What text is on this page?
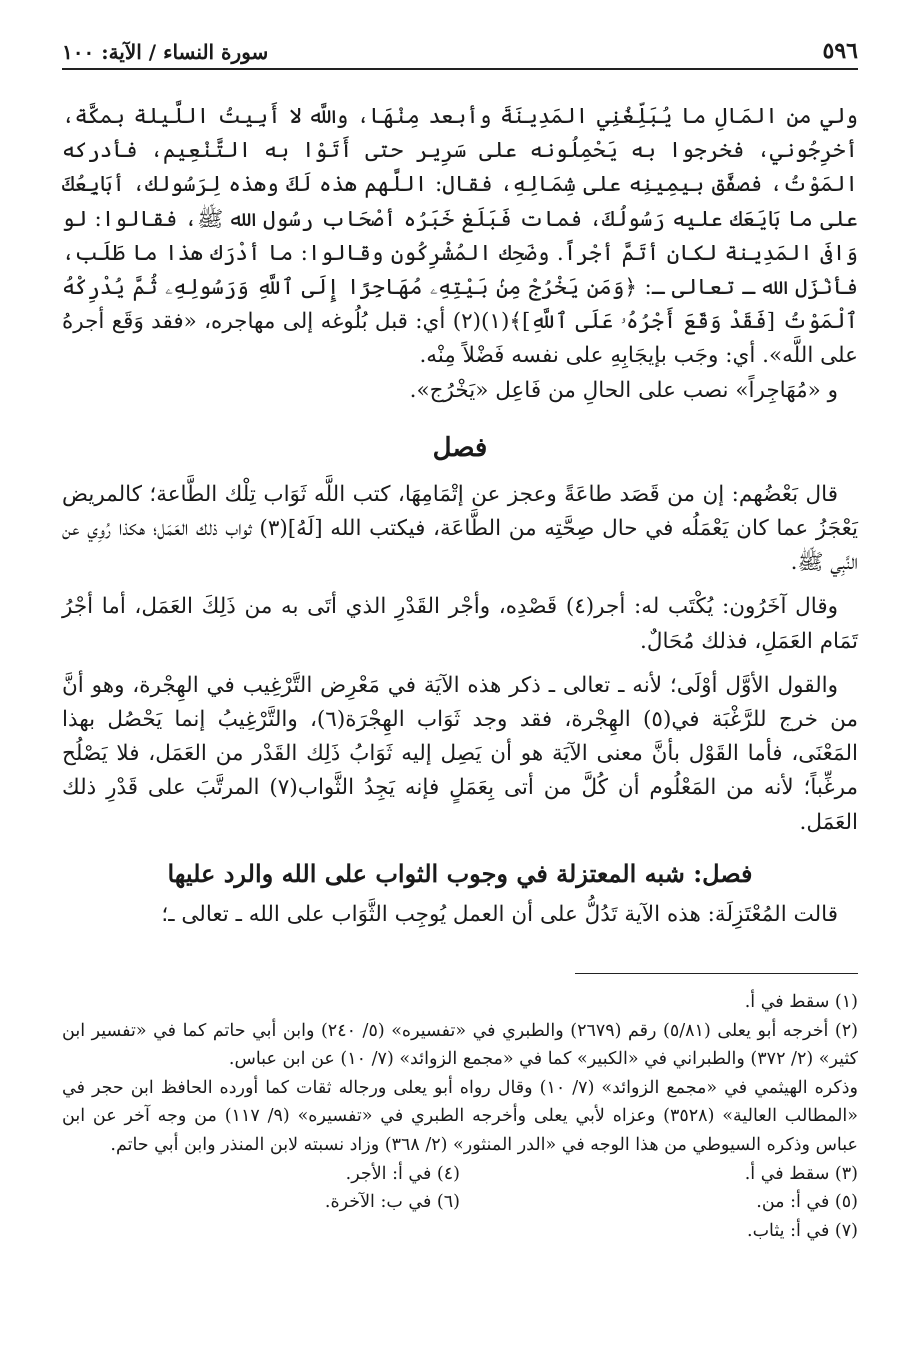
٥٩٦
سورة النساء / الآية: ١٠٠

ولي من المَالِ ما يُبَلِّغُنِي المَدِينَةَ وأبعد مِنْهَا، واللَّه لا أَبِيتُ اللَّيلة بمكَّة، أخرِجُوني، فخرجوا به يَحْمِلُونه على سَرِير حتى أَتَوْا به التَّنْعِيم، فأدركه المَوْتُ، فصفَّق بيمِينِه على شِمَالِهِ، فقال: اللَّهم هذه لَكَ وهذه لِرَسُولك، أبَايِعُكَ على ما بَايَعَك عليه رَسُولُكَ، فمات فَبَلَغ خَبَرُه أصْحَاب رسُول الله ﷺ، فقالوا: لو وَافَى المَدِينة لكان أتَمَّ أجْراً. وضَحِك المُشْرِكُون وقالوا: ما أدْرَك هذا ما طَلَب، فأنْزَل الله ـ تعالى ـ: ﴿وَمَن يَخْرُجْ مِنۢ بَيْتِهِۦ مُهَاجِرًا إِلَى ٱللَّهِ وَرَسُولِهِۦ ثُمَّ يُدْرِكْهُ ٱلْمَوْتُ [فَقَدْ وَقَعَ أَجْرُهُۥ عَلَى ٱللَّهِ]﴾(١)(٢) أي: قبل بُلُوغه إلى مهاجره، «فقد وَقَع أجرهُ على اللَّه». أي: وجَب بإيجَابِهِ على نفسه فَضْلاً مِنْه.

و «مُهَاجِراً» نصب على الحالِ من فَاعِل «يَخْرُج».

فصل

قال بَعْضُهم: إن من قَصَد طاعَةً وعجز عن إتْمَامِهَا، كتب اللَّه ثَوَاب تِلْك الطَّاعة؛ كالمريض يَعْجَزُ عما كان يَعْمَلُه في حال صِحَّتِه من الطَّاعَة، فيكتب الله [لَهُ](٣) ثواب ذلك العَمَل؛ هكذا رُوِي عن النَّبِي ﷺ.

وقال آخَرُون: يُكْتَب له: أجر(٤) قَصْدِه، وأجْر القَدْرِ الذي أتَى به من ذَلِكَ العَمَل، أما أجْرُ تَمَام العَمَلِ، فذلك مُحَالٌ.

والقول الأوَّل أوْلَى؛ لأنه ـ تعالى ـ ذكر هذه الآيَة في مَعْرِض التَّرْغِيب في الهِجْرة، وهو أنَّ من خرج للرَّغْبَة في(٥) الهِجْرة، فقد وجد ثَوَاب الهِجْرَة(٦)، والتَّرْغِيبُ إنما يَحْصُل بهذا المَعْنَى، فأما القَوْل بأنَّ معنى الآيَة هو أن يَصِل إليه ثَوَابُ ذَلِك القَدْر من العَمَل، فلا يَصْلُح مرغِّباً؛ لأنه من المَعْلُوم أن كُلَّ من أتى بِعَمَلٍ فإنه يَجِدُ الثَّواب(٧) المرتَّبَ على قَدْرِ ذلك العَمَل.

فصل: شبه المعتزلة في وجوب الثواب على الله والرد عليها

قالت المُعْتَزِلَة: هذه الآية تَدُلُّ على أن العمل يُوجِب الثَّوَاب على الله ـ تعالى ـ؛

(١) سقط في أ.

(٢) أخرجه أبو يعلى (٥/٨١) رقم (٢٦٧٩) والطبري في «تفسيره» (٥/ ٢٤٠) وابن أبي حاتم كما في «تفسير ابن كثير» (٢/ ٣٧٢) والطبراني في «الكبير» كما في «مجمع الزوائد» (٧/ ١٠) عن ابن عباس.

وذكره الهيثمي في «مجمع الزوائد» (٧/ ١٠) وقال رواه أبو يعلى ورجاله ثقات كما أورده الحافظ ابن حجر في «المطالب العالية» (٣٥٢٨) وعزاه لأبي يعلى وأخرجه الطبري في «تفسيره» (٩/ ١١٧) من وجه آخر عن ابن عباس وذكره السيوطي من هذا الوجه في «الدر المنثور» (٢/ ٣٦٨) وزاد نسبته لابن المنذر وابن أبي حاتم.

(٣) سقط في أ.
(٤) في أ: الأجر.
(٥) في أ: من.
(٦) في ب: الآخرة.

(٧) في أ: يثاب.
